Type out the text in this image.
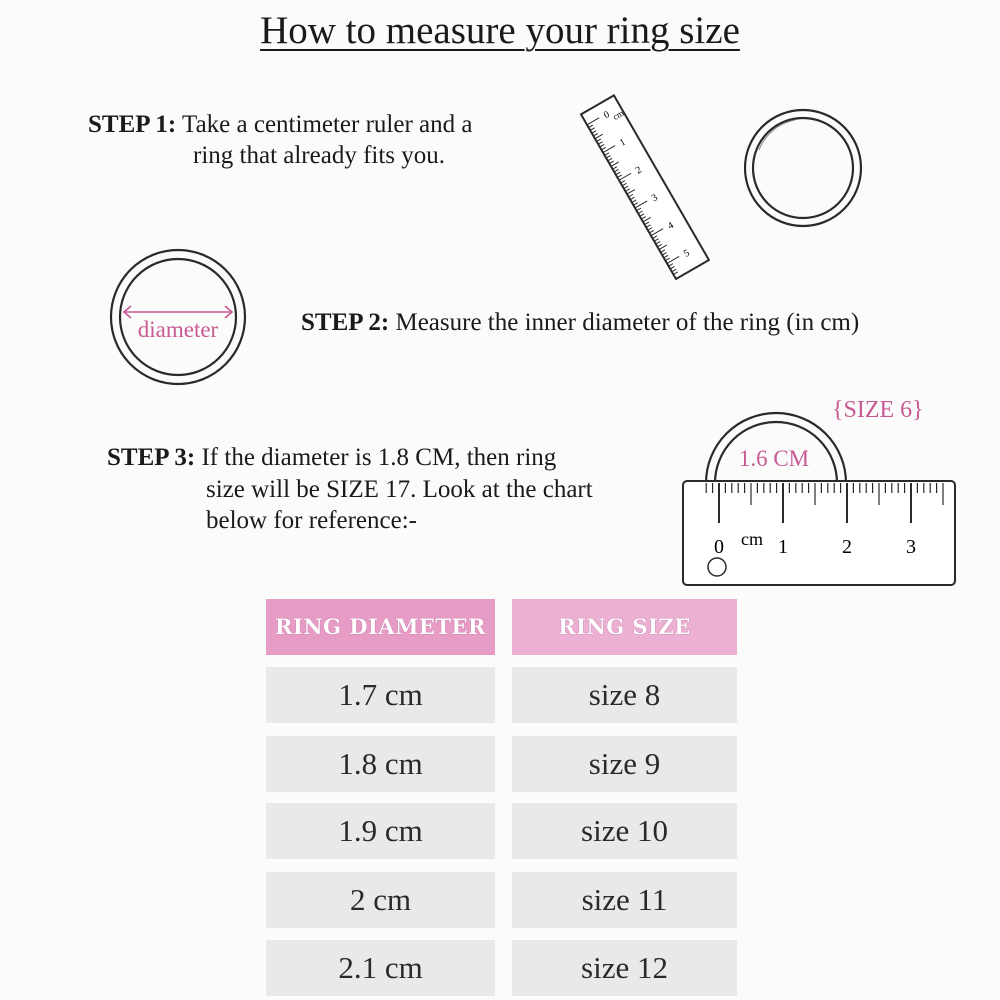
How to measure your ring size
STEP 1: Take a centimeter ruler and a
ring that already fits you.
0
1
2
3
4
5
cm
diameter	STEP 2: Measure the inner diameter of the ring (in cm)
STEP 3: If the diameter is 1.8 CM, then ring
size will be SIZE 17. Look at the chart
below for reference:-
{SIZE 6}
1.6 CM
0 cm 1	2	3
RING DIAMETER	RING SIZE
1.7 cm	size 8
1.8 cm	size 9
1.9 cm	size 10
2 cm	size 11
2.1 cm	size 12
